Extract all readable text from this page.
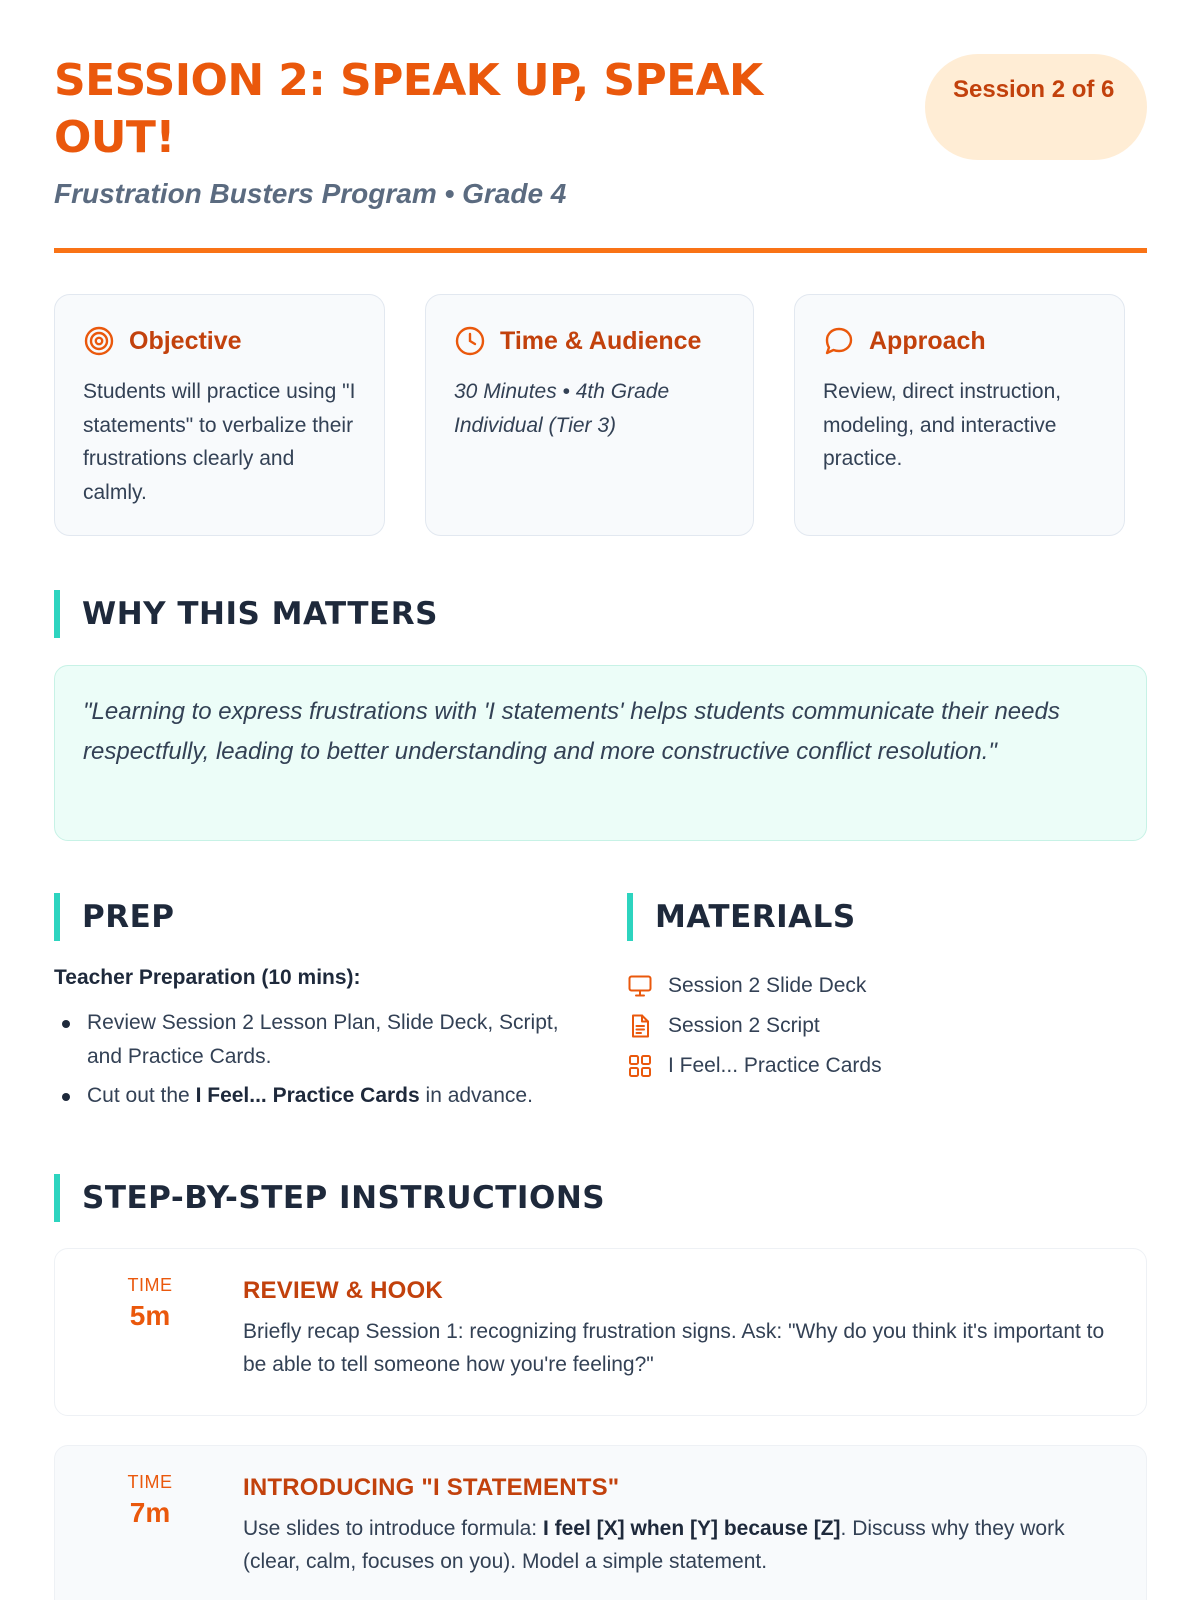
SESSION 2: SPEAK UP, SPEAK OUT!
Frustration Busters Program • Grade 4
Session 2 of 6
Objective
Students will practice using "I statements" to verbalize their frustrations clearly and calmly.
Time & Audience
30 Minutes • 4th Grade
Individual (Tier 3)
Approach
Review, direct instruction, modeling, and interactive practice.
WHY THIS MATTERS
"Learning to express frustrations with 'I statements' helps students communicate their needs respectfully, leading to better understanding and more constructive conflict resolution."
PREP
Teacher Preparation (10 mins):
Review Session 2 Lesson Plan, Slide Deck, Script, and Practice Cards.
Cut out the I Feel... Practice Cards in advance.
MATERIALS
Session 2 Slide Deck
Session 2 Script
I Feel... Practice Cards
STEP-BY-STEP INSTRUCTIONS
TIME
5m
REVIEW & HOOK
Briefly recap Session 1: recognizing frustration signs. Ask: "Why do you think it's important to be able to tell someone how you're feeling?"
TIME
7m
INTRODUCING "I STATEMENTS"
Use slides to introduce formula: I feel [X] when [Y] because [Z]. Discuss why they work (clear, calm, focuses on you). Model a simple statement.
